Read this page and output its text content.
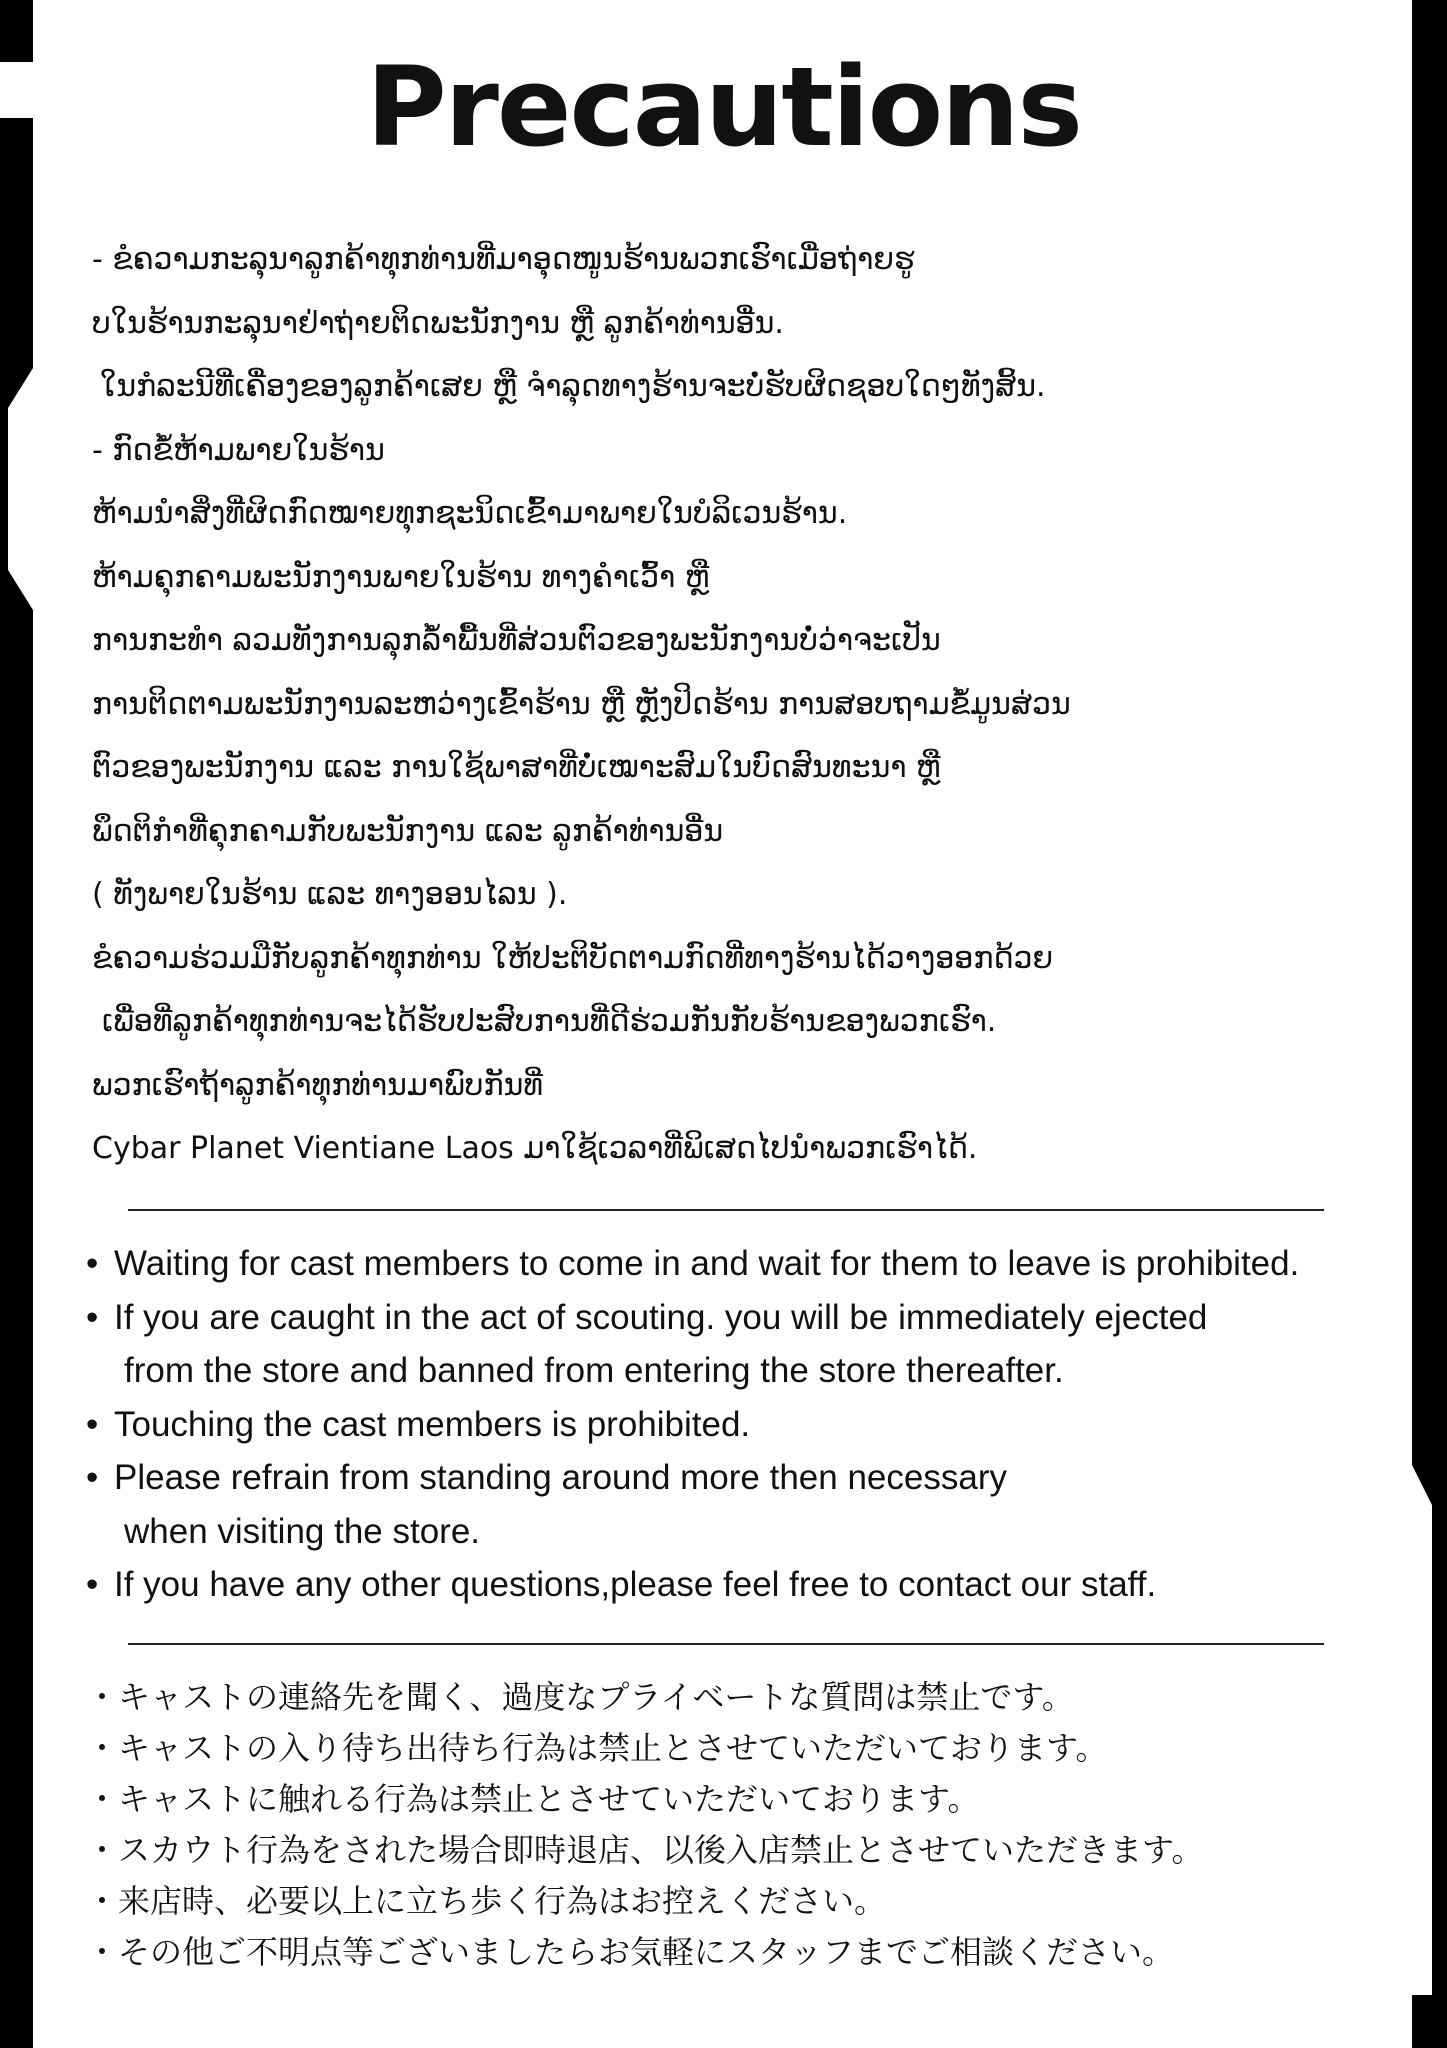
Precautions
- ຂໍຄວາມກະລຸນາລູກຄ້າທຸກທ່ານທີ່ມາອຸດໜູນຮ້ານພວກເຮົາເມື່ອຖ່າຍຮູ
ບໃນຮ້ານກະລຸນາຢ່າຖ່າຍຕິດພະນັກງານ ຫຼື ລູກຄ້າທ່ານອື່ນ.
ໃນກໍລະນີທີ່ເຄື່ອງຂອງລູກຄ້າເສຍ ຫຼື ຈຳລຸດທາງຮ້ານຈະບໍ່ຮັບຜິດຊອບໃດໆທັງສິ້ນ.
- ກົດຂໍ້ຫ້າມພາຍໃນຮ້ານ
ຫ້າມນຳສິ່ງທີ່ຜິດກົດໝາຍທຸກຊະນິດເຂົ້າມາພາຍໃນບໍລິເວນຮ້ານ.
ຫ້າມຄຸກຄາມພະນັກງານພາຍໃນຮ້ານ ທາງຄຳເວົ້າ ຫຼື
ການກະທຳ ລວມທັງການລຸກລ້ຳພື້ນທີ່ສ່ວນຕົວຂອງພະນັກງານບໍ່ວ່າຈະເປັນ
ການຕິດຕາມພະນັກງານລະຫວ່າງເຂົ້າຮ້ານ ຫຼື ຫຼັງປິດຮ້ານ ການສອບຖາມຂໍ້ມູນສ່ວນ
ຕົວຂອງພະນັກງານ ແລະ ການໃຊ້ພາສາທີ່ບໍ່ເໝາະສົມໃນບົດສົນທະນາ ຫຼື
ພຶດຕິກຳທີ່ຄຸກຄາມກັບພະນັກງານ ແລະ ລູກຄ້າທ່ານອື່ນ
( ທັງພາຍໃນຮ້ານ ແລະ ທາງອອນໄລນ ).
ຂໍຄວາມຮ່ວມມືກັບລູກຄ້າທຸກທ່ານ ໃຫ້ປະຕິບັດຕາມກົດທີ່ທາງຮ້ານໄດ້ວາງອອກດ້ວຍ
ເພື່ອທີ່ລູກຄ້າທຸກທ່ານຈະໄດ້ຮັບປະສົບການທີ່ດີຮ່ວມກັນກັບຮ້ານຂອງພວກເຮົາ.
ພວກເຮົາຖ້າລູກຄ້າທຸກທ່ານມາພົບກັນທີ່
Cybar Planet Vientiane Laos ມາໃຊ້ເວລາທີ່ພິເສດໄປນຳພວກເຮົາໄດ້.
• Waiting for cast members to come in and wait for them to leave is prohibited.
• If you are caught in the act of scouting. you will be immediately ejected
from the store and banned from entering the store thereafter.
• Touching the cast members is prohibited.
• Please refrain from standing around more then necessary
when visiting the store.
• If you have any other questions,please feel free to contact our staff.
・キャストの連絡先を聞く、過度なプライベートな質問は禁止です。
・キャストの入り待ち出待ち行為は禁止とさせていただいております。
・キャストに触れる行為は禁止とさせていただいております。
・スカウト行為をされた場合即時退店、以後入店禁止とさせていただきます。
・来店時、必要以上に立ち歩く行為はお控えください。
・その他ご不明点等ございましたらお気軽にスタッフまでご相談ください。
